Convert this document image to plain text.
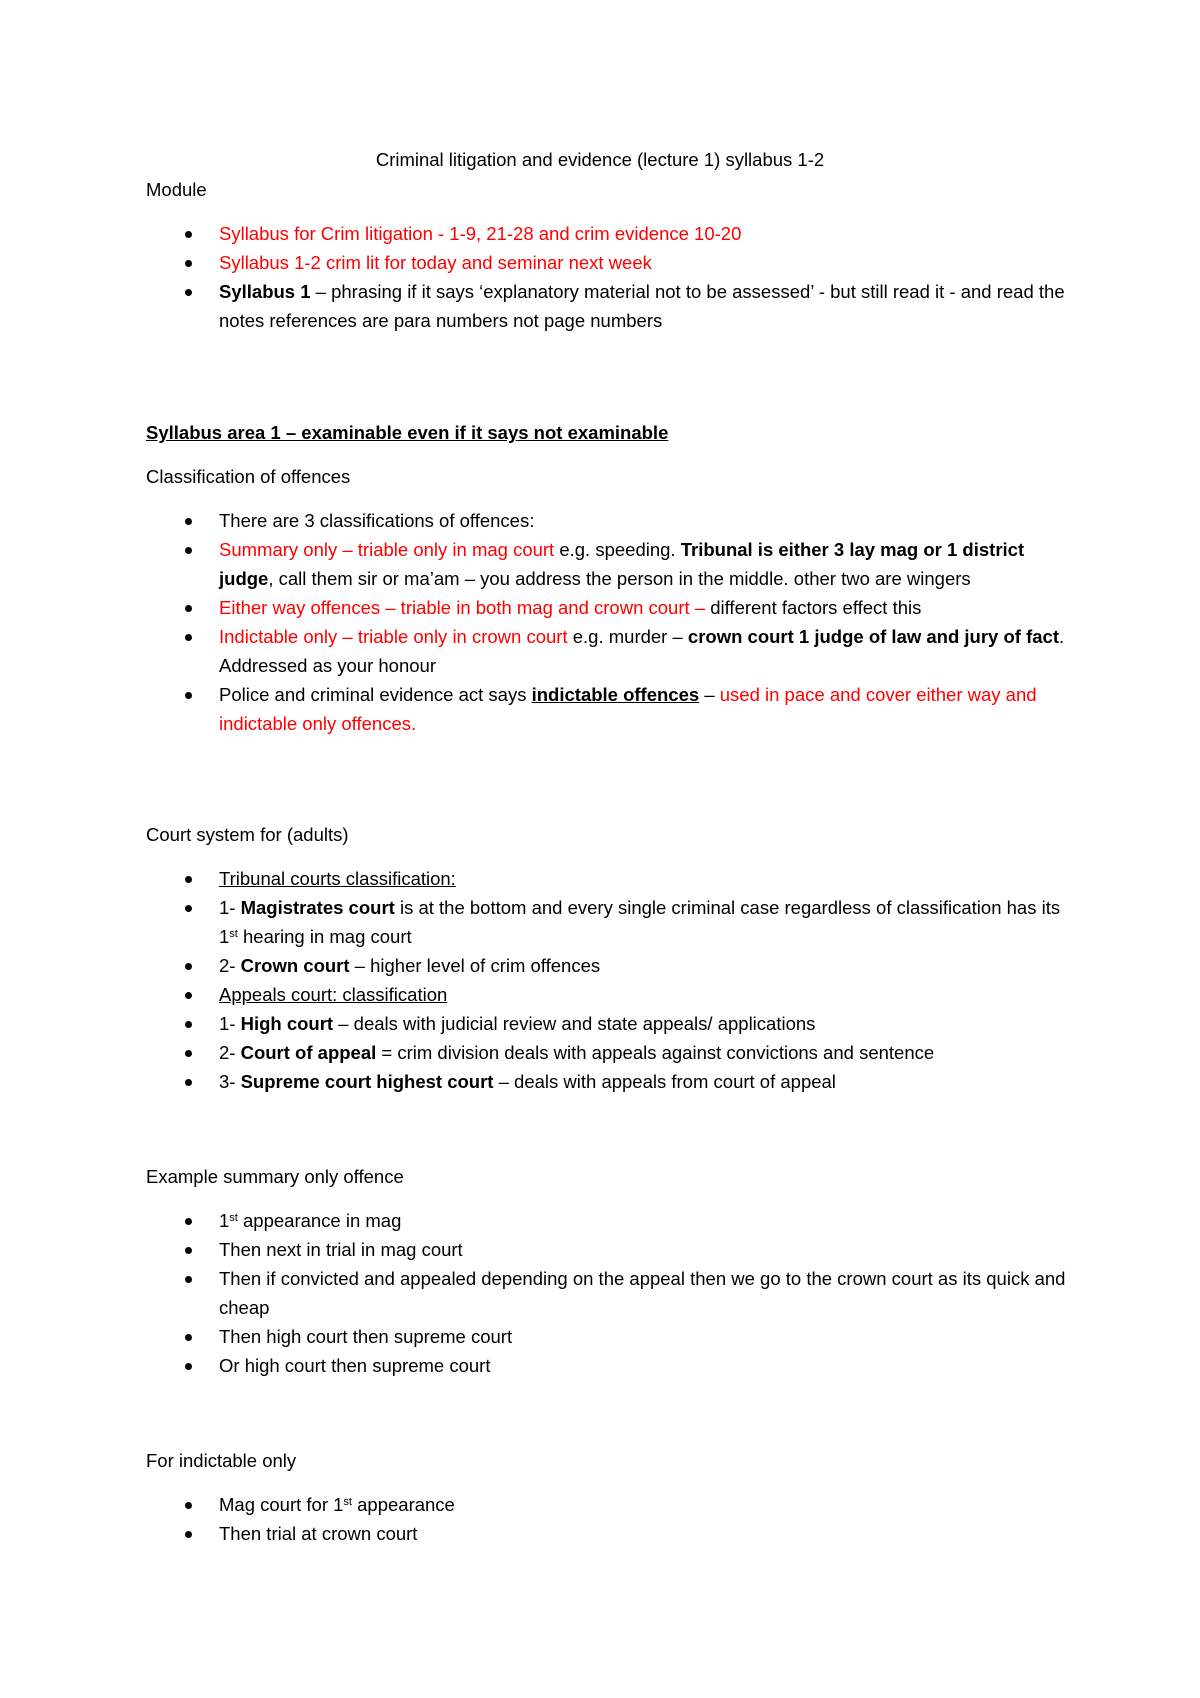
Criminal litigation and evidence (lecture 1) syllabus 1-2

Module

Syllabus for Crim litigation - 1-9, 21-28 and crim evidence 10-20
Syllabus 1-2 crim lit for today and seminar next week
Syllabus 1 – phrasing if it says ‘explanatory material not to be assessed’ - but still read it - and read the notes references are para numbers not page numbers

Syllabus area 1 – examinable even if it says not examinable

Classification of offences

There are 3 classifications of offences:
Summary only – triable only in mag court e.g. speeding. Tribunal is either 3 lay mag or 1 district judge, call them sir or ma’am – you address the person in the middle. other two are wingers
Either way offences – triable in both mag and crown court – different factors effect this
Indictable only – triable only in crown court e.g. murder – crown court 1 judge of law and jury of fact. Addressed as your honour
Police and criminal evidence act says indictable offences – used in pace and cover either way and indictable only offences.

Court system for (adults)

Tribunal courts classification:
1- Magistrates court is at the bottom and every single criminal case regardless of classification has its 1st hearing in mag court
2- Crown court – higher level of crim offences
Appeals court: classification
1- High court – deals with judicial review and state appeals/ applications
2- Court of appeal = crim division deals with appeals against convictions and sentence
3- Supreme court highest court – deals with appeals from court of appeal

Example summary only offence

1st appearance in mag
Then next in trial in mag court
Then if convicted and appealed depending on the appeal then we go to the crown court as its quick and cheap
Then high court then supreme court
Or high court then supreme court

For indictable only

Mag court for 1st appearance
Then trial at crown court
